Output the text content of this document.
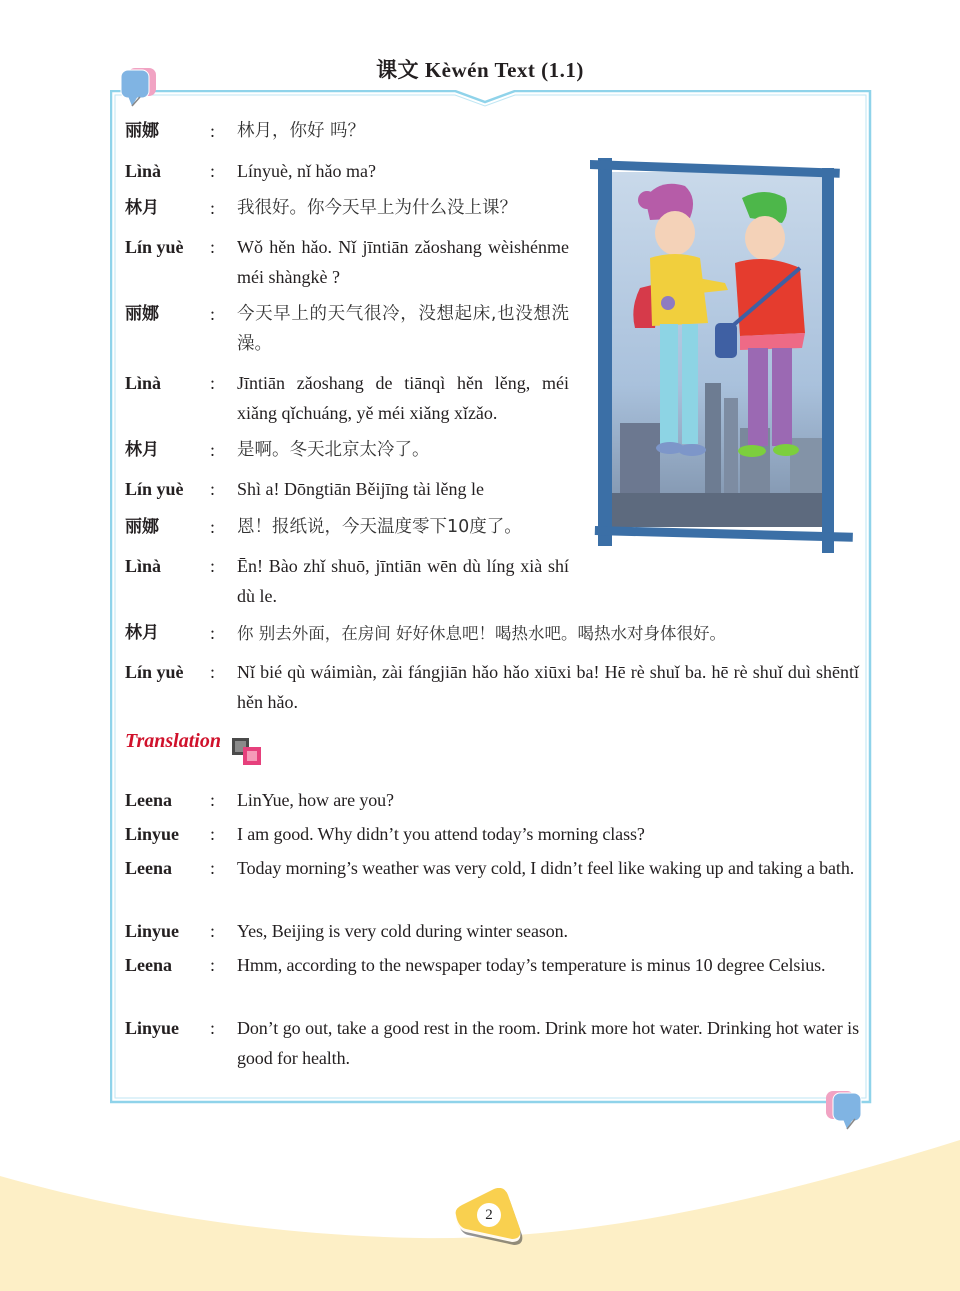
课文 Kèwén Text (1.1)
丽娜	:	林月，你好 吗？
Lìnà	:	Línyuè, nǐ hǎo ma?
林月	:	我很好。你今天早上为什么没上课？
Lín yuè	:	Wǒ hěn hǎo. Nǐ jīntiān zǎoshang wèishénme méi shàngkè ?
丽娜	:	今天早上的天气很冷，没想起床,也没想洗澡。
Lìnà	:	Jīntiān zǎoshang de tiānqì hěn lěng, méi xiǎng qǐchuáng, yě méi xiǎng xǐzǎo.
林月	:	是啊。冬天北京太冷了。
Lín yuè	:	Shì a! Dōngtiān Běijīng tài lěng le
丽娜	:	恩！报纸说，今天温度零下10度了。
Lìnà	:	Ēn! Bào zhǐ shuō, jīntiān wēn dù líng xià shí dù le.
林月	:	你 别去外面，在房间 好好休息吧！喝热水吧。喝热水对身体很好。
Lín yuè	:	Nǐ bié qù wáimiàn, zài fángjiān hǎo hǎo xiūxi ba! Hē rè shuǐ ba. hē rè shuǐ duì shēntǐ hěn hǎo.
Translation
Leena	:	LinYue, how are you?
Linyue	:	I am good. Why didn’t you attend today’s morning class?
Leena	:	Today morning’s weather was very cold, I didn’t feel like waking up and taking a bath.
Linyue	:	Yes, Beijing is very cold during winter season.
Leena	:	Hmm, according to the newspaper today’s temperature is minus 10 degree Celsius.
Linyue	:	Don’t go out, take a good rest in the room. Drink more hot water. Drinking hot water is good for health.
2
